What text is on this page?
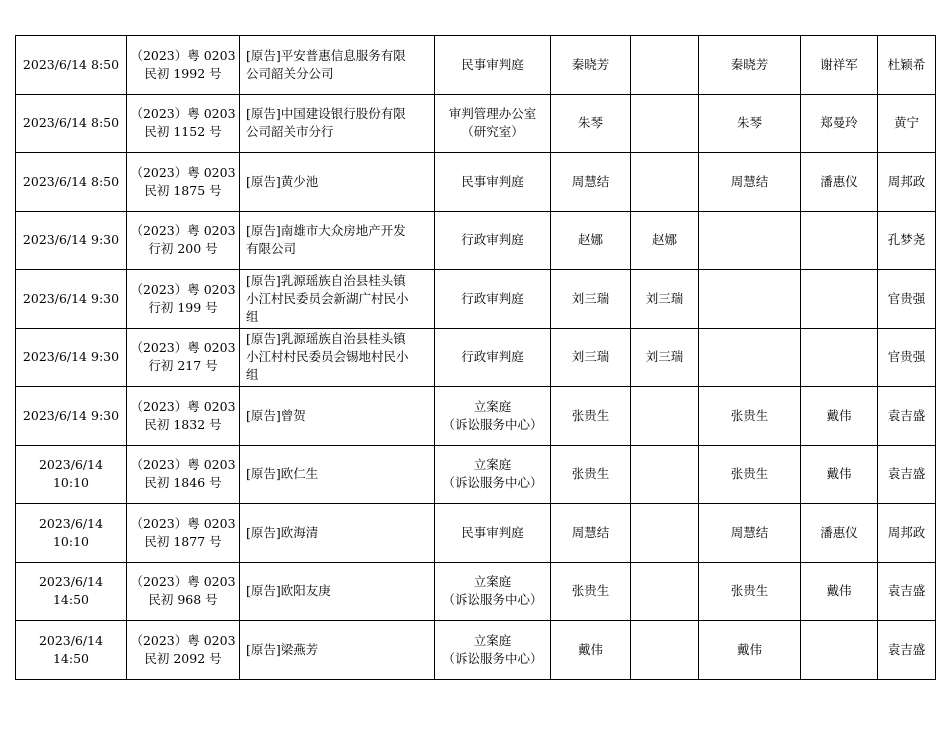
2023/6/14 8:50	（2023）粤 0203
民初 1992 号	[原告]平安普惠信息服务有限
公司韶关分公司	民事审判庭	秦晓芳		秦晓芳	谢祥军	杜颖希

2023/6/14 8:50	（2023）粤 0203
民初 1152 号	[原告]中国建设银行股份有限
公司韶关市分行	审判管理办公室
（研究室）	朱琴		朱琴	郑曼玲	黄宁

2023/6/14 8:50	（2023）粤 0203
民初 1875 号	[原告]黄少池	民事审判庭	周慧结		周慧结	潘惠仪	周邦政

2023/6/14 9:30	（2023）粤 0203
行初 200 号	[原告]南雄市大众房地产开发
有限公司	行政审判庭	赵娜	赵娜			孔梦尧

2023/6/14 9:30	（2023）粤 0203
行初 199 号	[原告]乳源瑶族自治县桂头镇
小江村民委员会新湖广村民小
组	行政审判庭	刘三瑞	刘三瑞			官贵强

2023/6/14 9:30	（2023）粤 0203
行初 217 号	[原告]乳源瑶族自治县桂头镇
小江村村民委员会锡地村民小
组	行政审判庭	刘三瑞	刘三瑞			官贵强

2023/6/14 9:30	（2023）粤 0203
民初 1832 号	[原告]曾贺	立案庭
（诉讼服务中心）	张贵生		张贵生	戴伟	袁吉盛

2023/6/14 10:10	（2023）粤 0203
民初 1846 号	[原告]欧仁生	立案庭
（诉讼服务中心）	张贵生		张贵生	戴伟	袁吉盛

2023/6/14 10:10	（2023）粤 0203
民初 1877 号	[原告]欧海清	民事审判庭	周慧结		周慧结	潘惠仪	周邦政

2023/6/14 14:50	（2023）粤 0203
民初 968 号	[原告]欧阳友庚	立案庭
（诉讼服务中心）	张贵生		张贵生	戴伟	袁吉盛

2023/6/14 14:50	（2023）粤 0203
民初 2092 号	[原告]梁燕芳	立案庭
（诉讼服务中心）	戴伟		戴伟		袁吉盛
